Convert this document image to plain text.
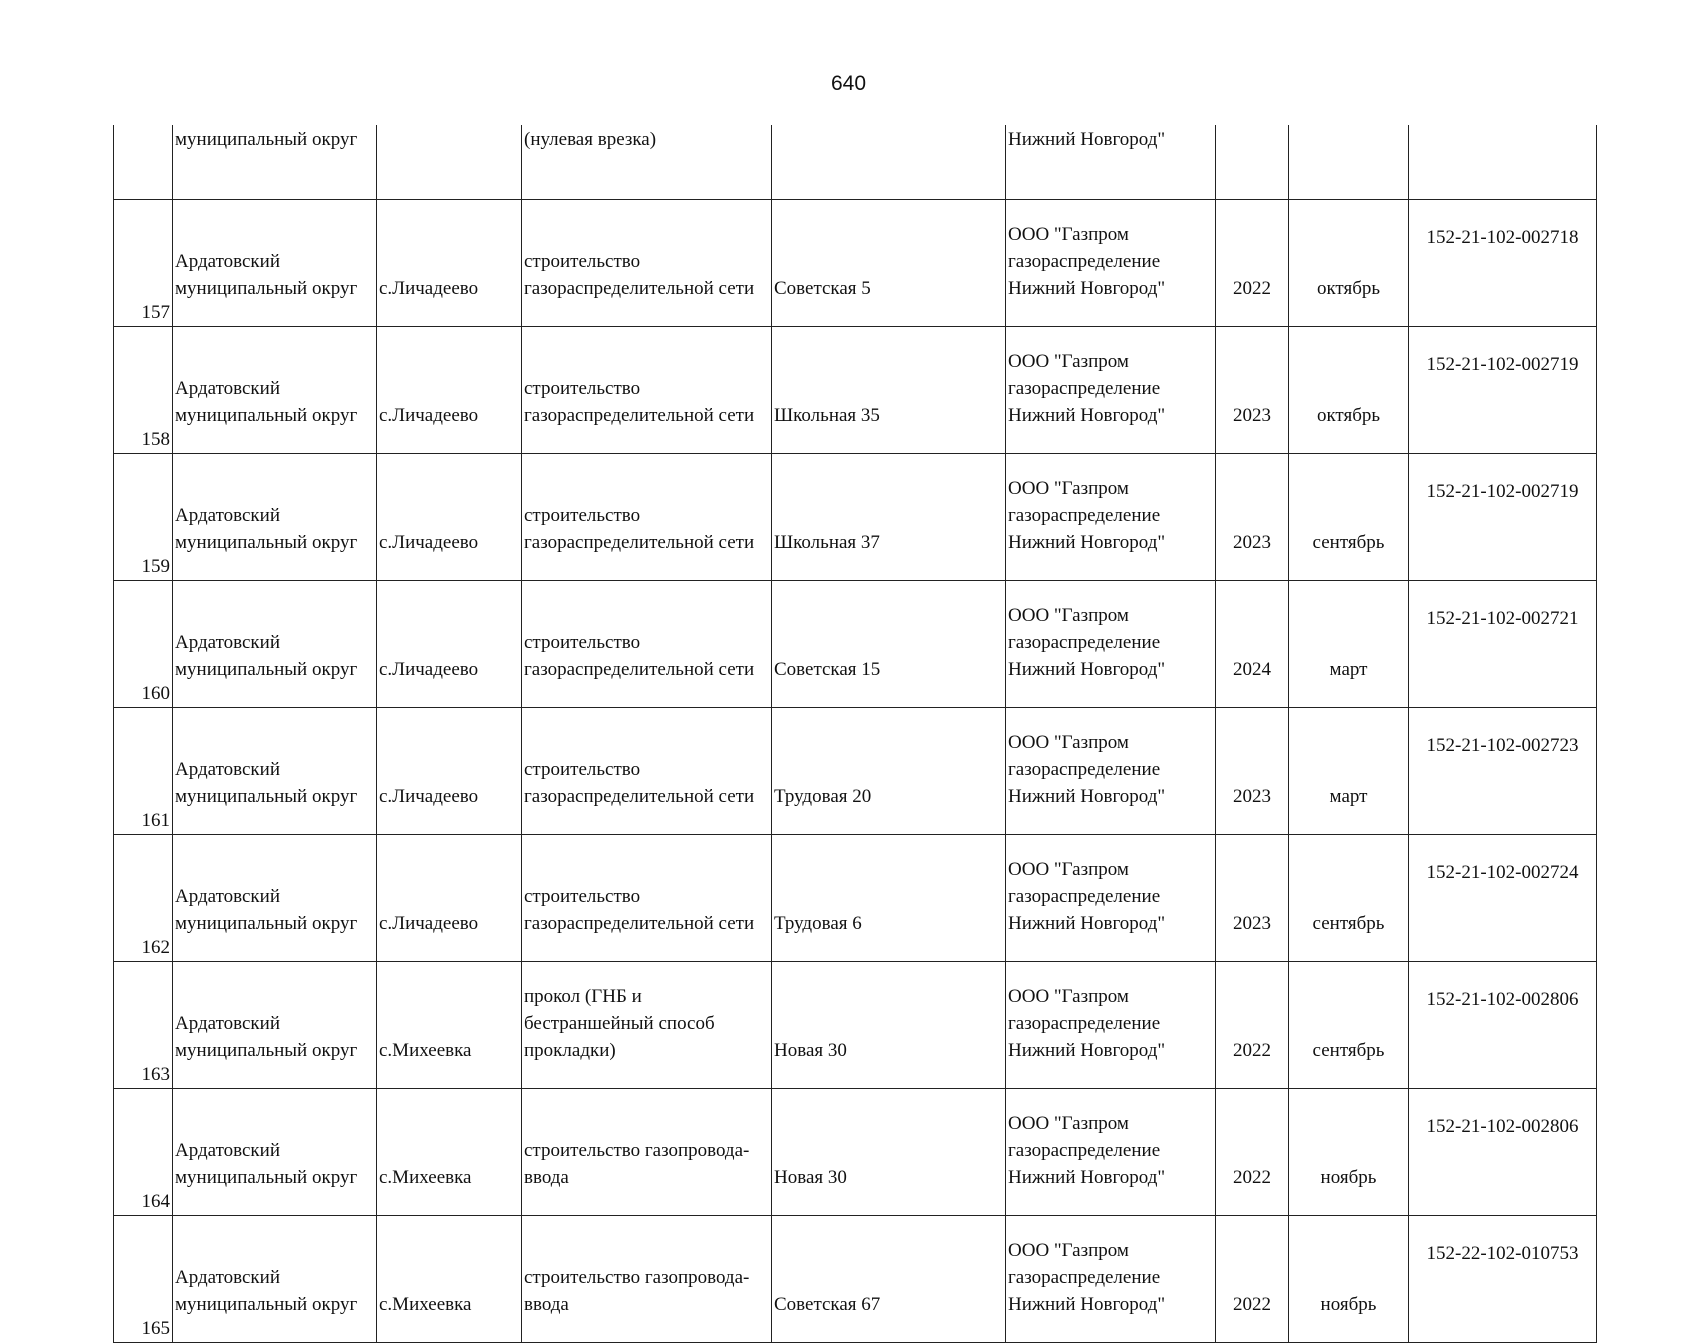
640
	муниципальный округ		(нулевая врезка)		Нижний Новгород"			
157	Ардатовский муниципальный округ	с.Личадеево	строительство газораспределительной сети	Советская 5	ООО "Газпром газораспределение Нижний Новгород"	2022	октябрь	152-21-102-002718
158	Ардатовский муниципальный округ	с.Личадеево	строительство газораспределительной сети	Школьная 35	ООО "Газпром газораспределение Нижний Новгород"	2023	октябрь	152-21-102-002719
159	Ардатовский муниципальный округ	с.Личадеево	строительство газораспределительной сети	Школьная 37	ООО "Газпром газораспределение Нижний Новгород"	2023	сентябрь	152-21-102-002719
160	Ардатовский муниципальный округ	с.Личадеево	строительство газораспределительной сети	Советская 15	ООО "Газпром газораспределение Нижний Новгород"	2024	март	152-21-102-002721
161	Ардатовский муниципальный округ	с.Личадеево	строительство газораспределительной сети	Трудовая 20	ООО "Газпром газораспределение Нижний Новгород"	2023	март	152-21-102-002723
162	Ардатовский муниципальный округ	с.Личадеево	строительство газораспределительной сети	Трудовая 6	ООО "Газпром газораспределение Нижний Новгород"	2023	сентябрь	152-21-102-002724
163	Ардатовский муниципальный округ	с.Михеевка	прокол (ГНБ и бестраншейный способ прокладки)	Новая 30	ООО "Газпром газораспределение Нижний Новгород"	2022	сентябрь	152-21-102-002806
164	Ардатовский муниципальный округ	с.Михеевка	строительство газопровода-ввода	Новая 30	ООО "Газпром газораспределение Нижний Новгород"	2022	ноябрь	152-21-102-002806
165	Ардатовский муниципальный округ	с.Михеевка	строительство газопровода-ввода	Советская 67	ООО "Газпром газораспределение Нижний Новгород"	2022	ноябрь	152-22-102-010753
